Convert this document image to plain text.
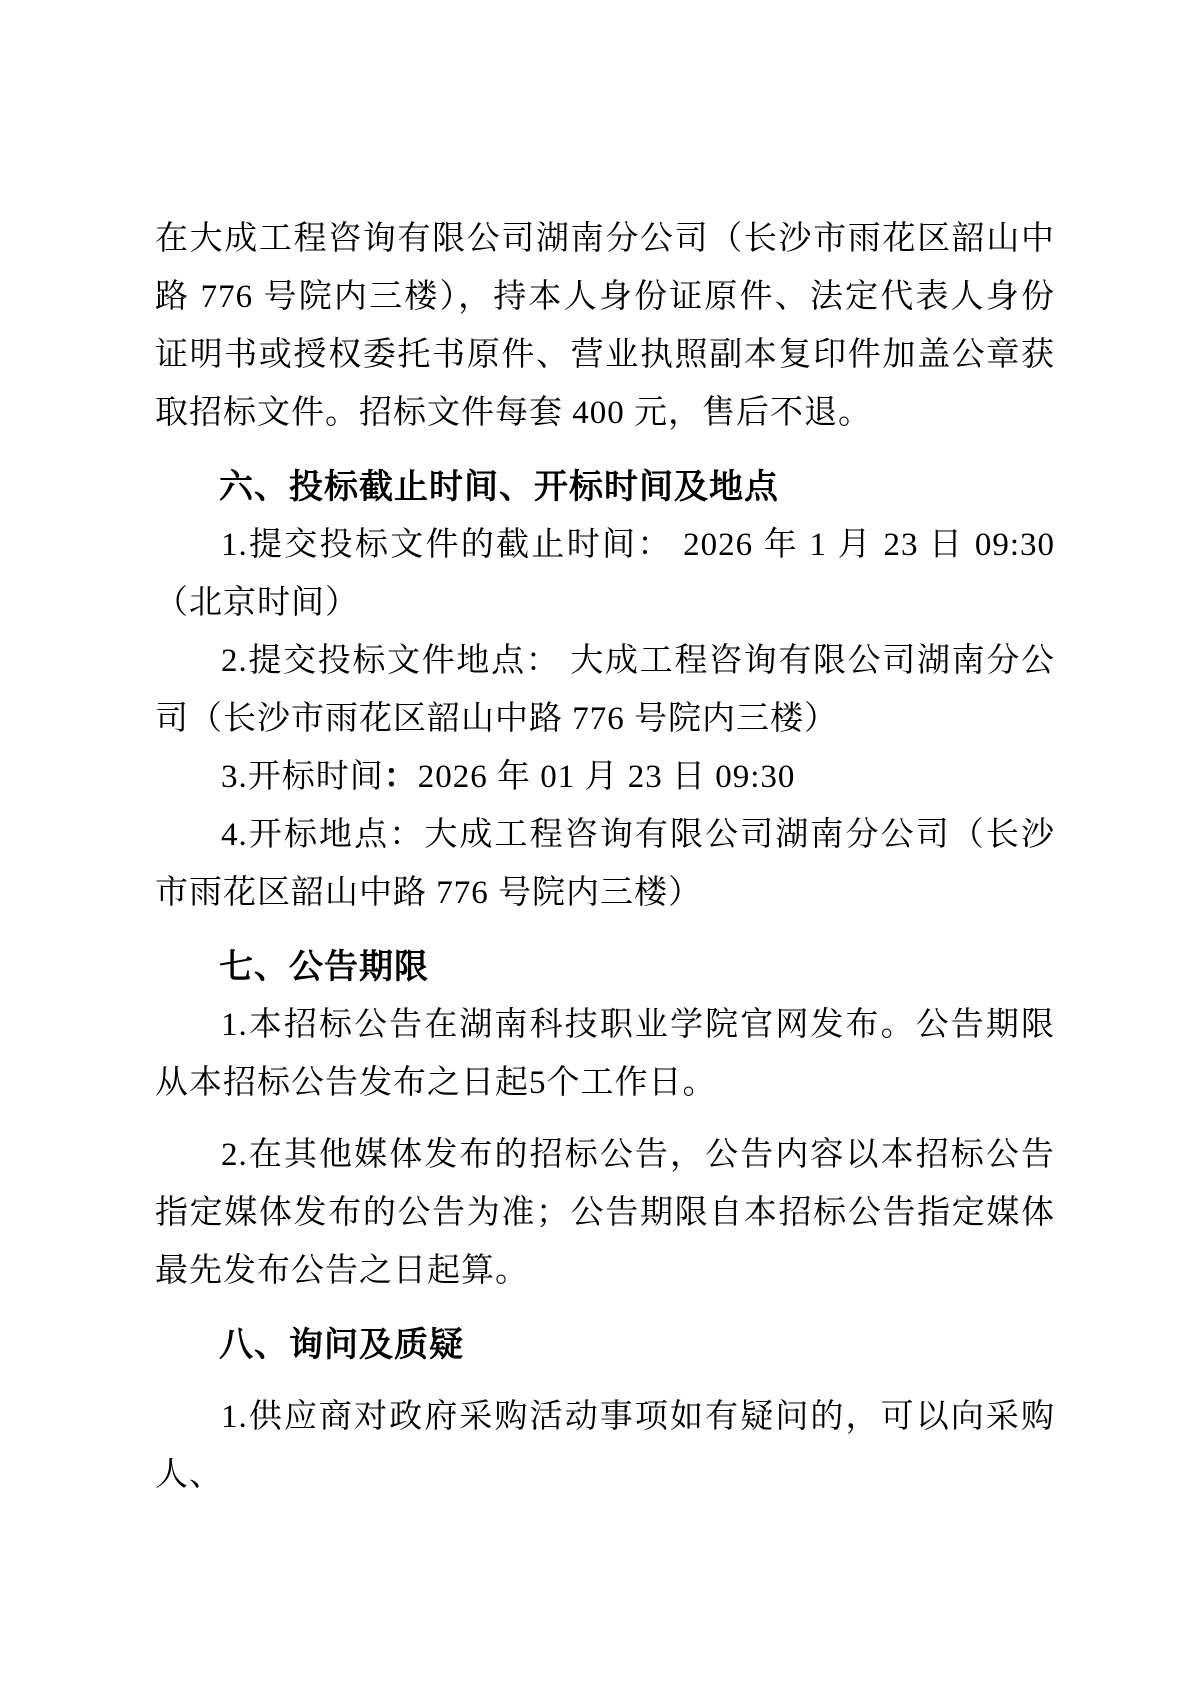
在大成工程咨询有限公司湖南分公司（长沙市雨花区韶山中路 776 号院内三楼），持本人身份证原件、法定代表人身份证明书或授权委托书原件、营业执照副本复印件加盖公章获取招标文件。招标文件每套 400 元，售后不退。

六、投标截止时间、开标时间及地点

1.提交投标文件的截止时间： 2026 年 1 月 23 日 09:30（北京时间）

2.提交投标文件地点： 大成工程咨询有限公司湖南分公司（长沙市雨花区韶山中路 776 号院内三楼）

3.开标时间：2026 年 01 月 23 日 09:30

4.开标地点：大成工程咨询有限公司湖南分公司（长沙市雨花区韶山中路 776 号院内三楼）

七、公告期限

1.本招标公告在湖南科技职业学院官网发布。公告期限从本招标公告发布之日起5个工作日。

2.在其他媒体发布的招标公告，公告内容以本招标公告指定媒体发布的公告为准；公告期限自本招标公告指定媒体最先发布公告之日起算。

八、询问及质疑

1.供应商对政府采购活动事项如有疑问的，可以向采购人、
